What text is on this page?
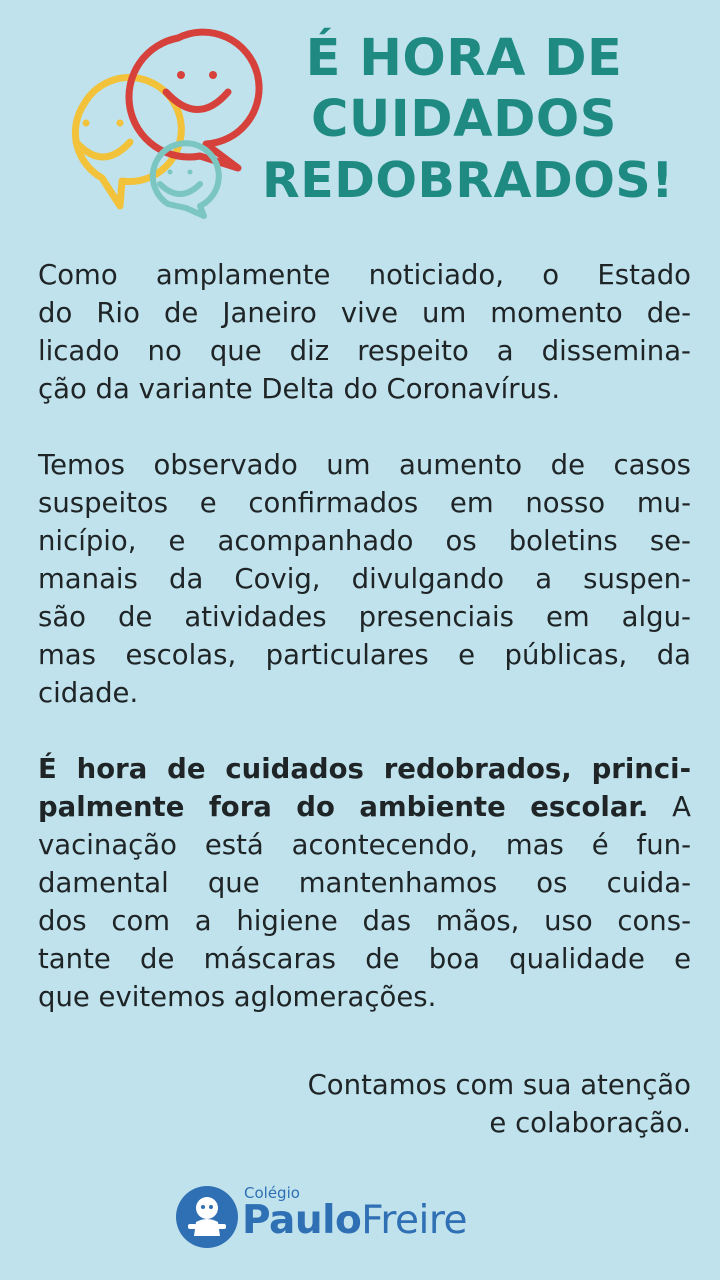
É HORA DE
CUIDADOS
REDOBRADOS!
Como amplamente noticiado, o Estado
do Rio de Janeiro vive um momento de-
licado no que diz respeito a dissemina-
ção da variante Delta do Coronavírus.
Temos observado um aumento de casos
suspeitos e confirmados em nosso mu-
nicípio, e acompanhado os boletins se-
manais da Covig, divulgando a suspen-
são de atividades presenciais em algu-
mas escolas, particulares e públicas, da
cidade.
É hora de cuidados redobrados, princi-
palmente fora do ambiente escolar. A
vacinação está acontecendo, mas é fun-
damental que mantenhamos os cuida-
dos com a higiene das mãos, uso cons-
tante de máscaras de boa qualidade e
que evitemos aglomerações.
Contamos com sua atenção
e colaboração.
Colégio
PauloFreire
